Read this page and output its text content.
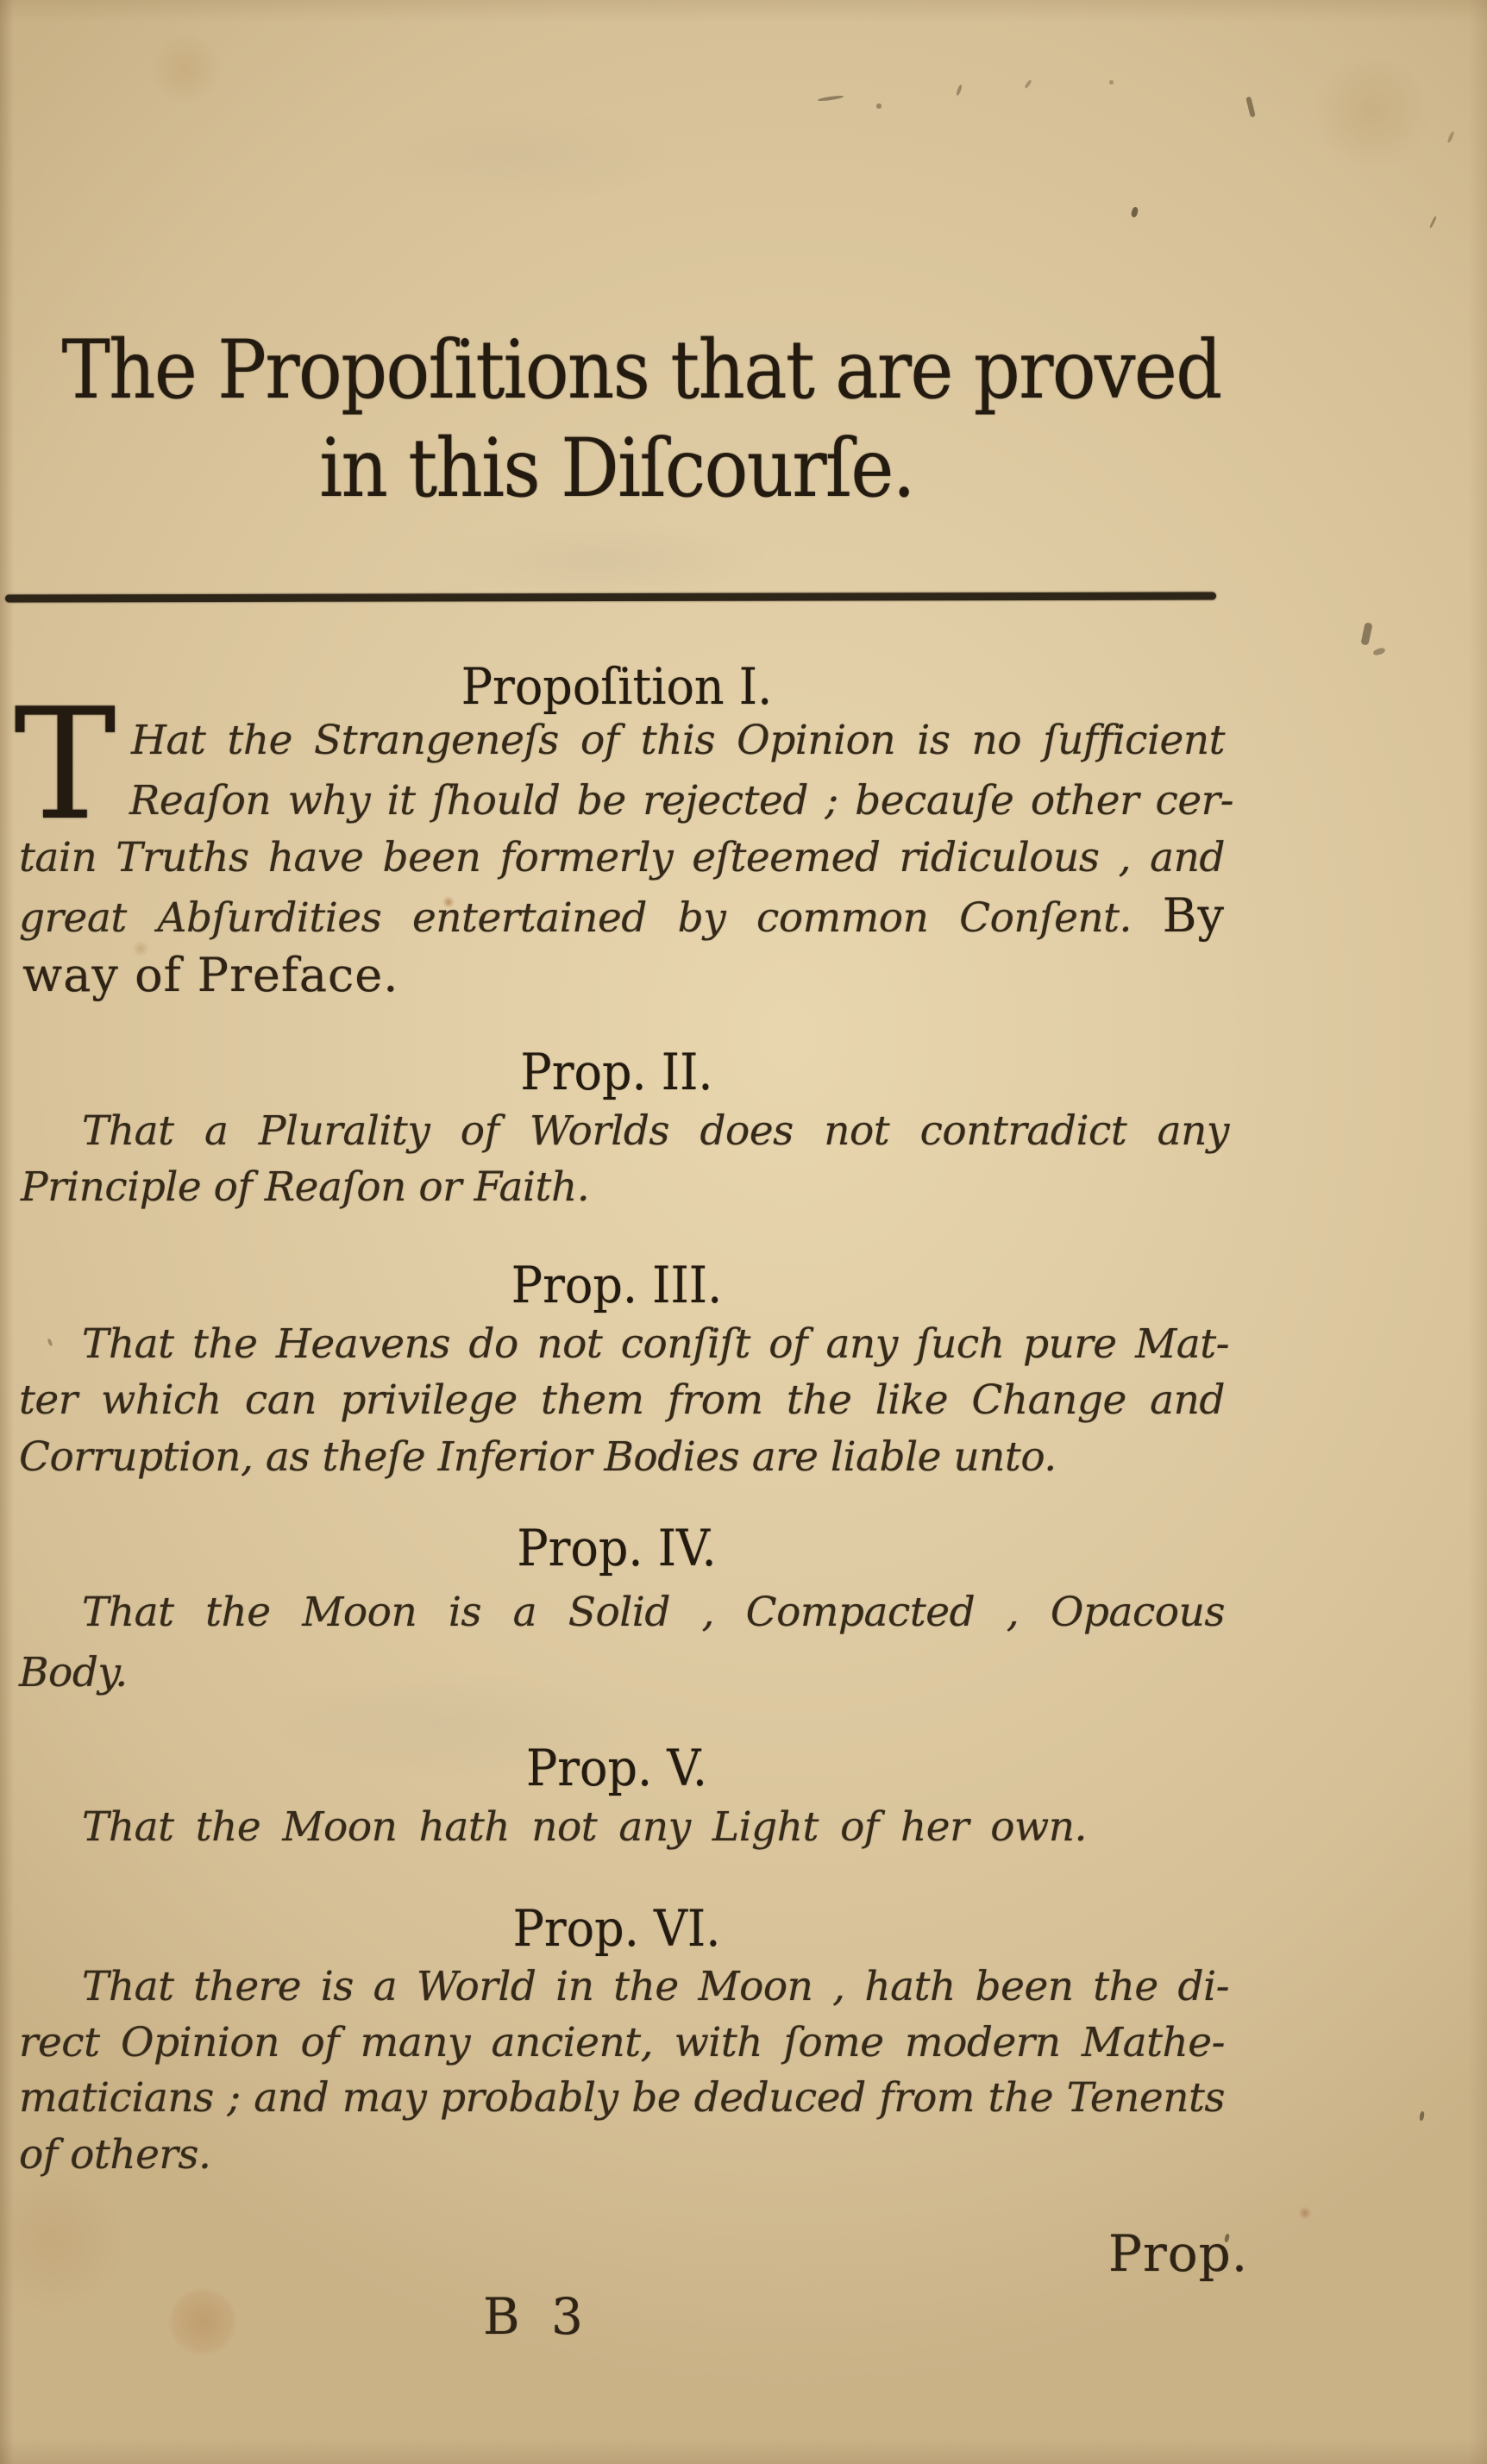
The Propoſitions that are proved
in this Diſcourſe.
Propoſition I.
T Hat the Strangeneſs of this Opinion is no ſufficient
Reaſon why it ſhould be rejected ; becauſe other cer-
tain Truths have been formerly eſteemed ridiculous , and
great Abſurdities entertained by common Conſent. By
way of Preface.
Prop. II.
That a Plurality of Worlds does not contradict any
Principle of Reaſon or Faith.
Prop. III.
That the Heavens do not conſiſt of any ſuch pure Mat-
ter which can privilege them from the like Change and
Corruption, as theſe Inferior Bodies are liable unto.
Prop. IV.
That the Moon is a Solid , Compacted , Opacous
Body.
Prop. V.
That the Moon hath not any Light of her own.
Prop. VI.
That there is a World in the Moon , hath been the di-
rect Opinion of many ancient, with ſome modern Mathe-
maticians ; and may probably be deduced from the Tenents
of others.
Prop.
B 3
